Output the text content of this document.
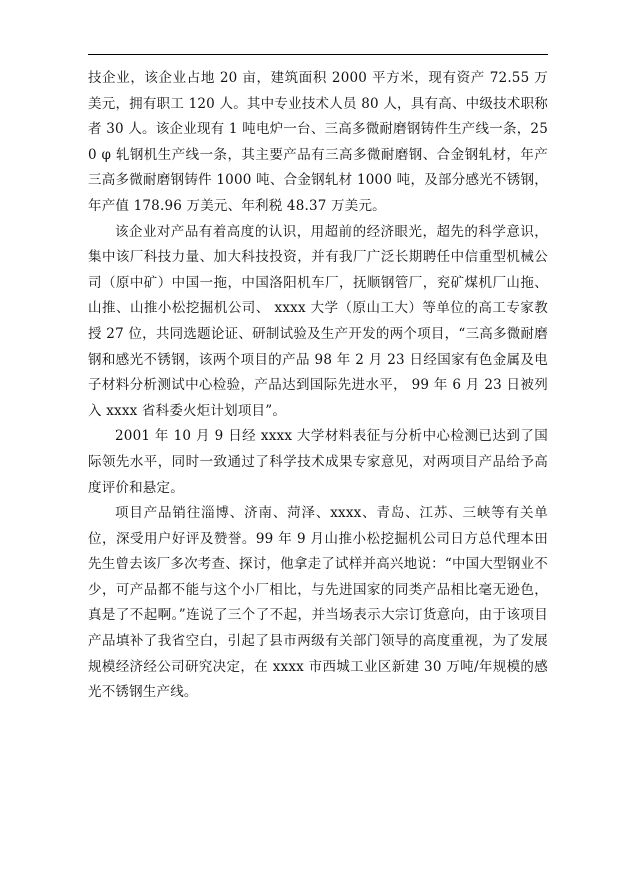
技企业，该企业占地 20 亩，建筑面积 2000 平方米，现有资产 72.55 万美元，拥有职工 120 人。其中专业技术人员 80 人，具有高、中级技术职称者 30 人。该企业现有 1 吨电炉一台、三高多微耐磨钢铸件生产线一条，250 φ 轧钢机生产线一条，其主要产品有三高多微耐磨钢、合金钢轧材，年产三高多微耐磨钢铸件 1000 吨、合金钢轧材 1000 吨，及部分感光不锈钢，年产值 178.96 万美元、年利税 48.37 万美元。

该企业对产品有着高度的认识，用超前的经济眼光，超先的科学意识，集中该厂科技力量、加大科技投资，并有我厂广泛长期聘任中信重型机械公司（原中矿）中国一拖，中国洛阳机车厂，抚顺钢管厂，兖矿煤机厂山拖、山推、山推小松挖掘机公司、 xxxx 大学（原山工大）等单位的高工专家教授 27 位，共同选题论证、研制试验及生产开发的两个项目，“三高多微耐磨钢和感光不锈钢，该两个项目的产品 98 年 2 月 23 日经国家有色金属及电子材料分析测试中心检验，产品达到国际先进水平， 99 年 6 月 23 日被列入 xxxx 省科委火炬计划项目”。

2001 年 10 月 9 日经 xxxx 大学材料表征与分析中心检测已达到了国际领先水平，同时一致通过了科学技术成果专家意见，对两项目产品给予高度评价和悬定。

项目产品销往淄博、济南、菏泽、xxxx、青岛、江苏、三峡等有关单位，深受用户好评及赞誉。99 年 9 月山推小松挖掘机公司日方总代理本田先生曾去该厂多次考查、探讨，他拿走了试样并高兴地说：“中国大型钢业不少，可产品都不能与这个小厂相比，与先进国家的同类产品相比毫无逊色，真是了不起啊。”连说了三个了不起，并当场表示大宗订货意向，由于该项目产品填补了我省空白，引起了县市两级有关部门领导的高度重视，为了发展规模经济经公司研究决定，在 xxxx 市西城工业区新建 30 万吨/年规模的感光不锈钢生产线。
